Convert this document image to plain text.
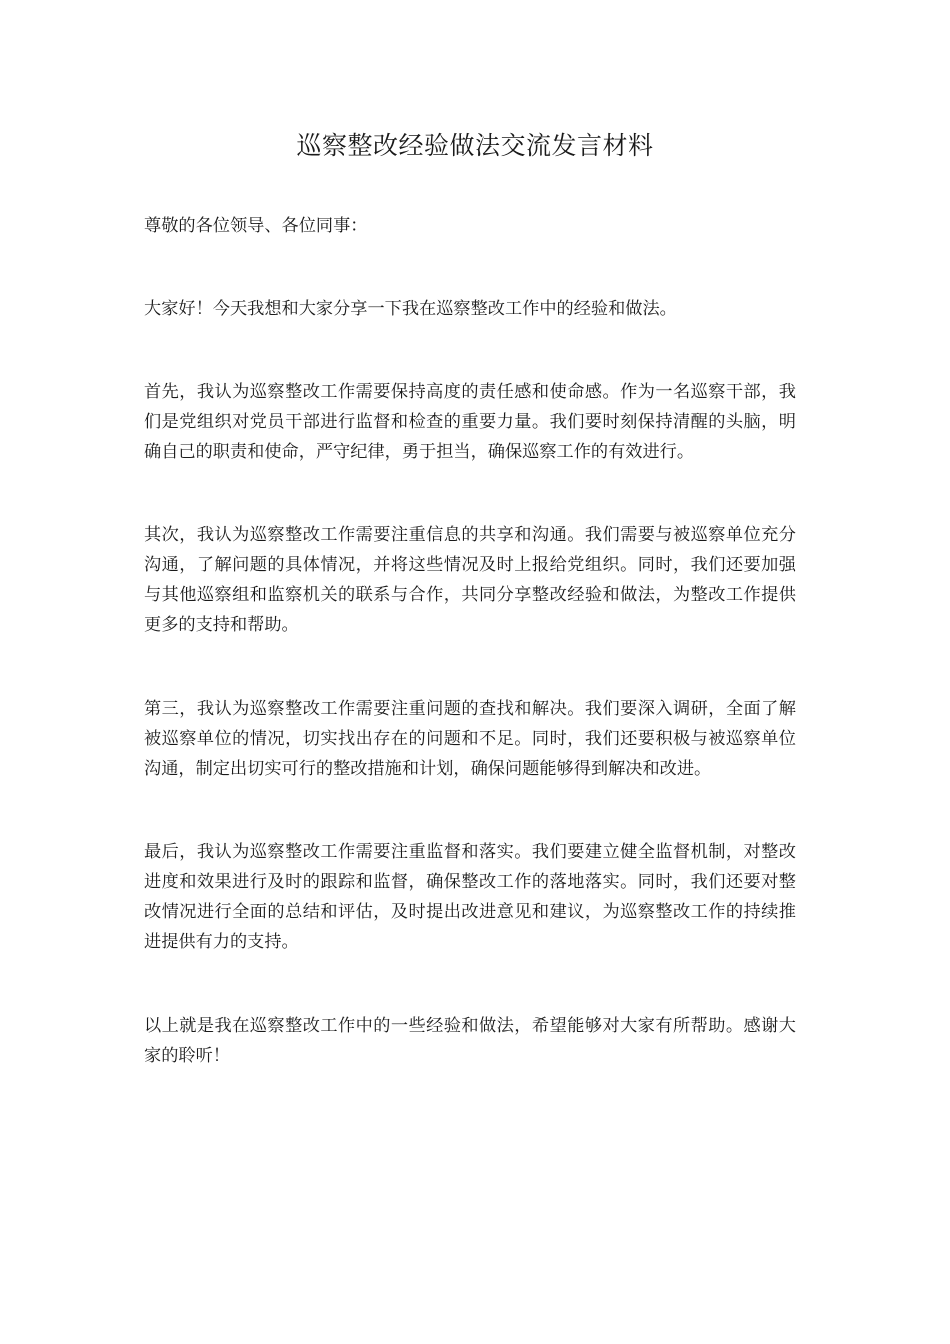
巡察整改经验做法交流发言材料
尊敬的各位领导、各位同事：
大家好！今天我想和大家分享一下我在巡察整改工作中的经验和做法。
首先，我认为巡察整改工作需要保持高度的责任感和使命感。作为一名巡察干部，我们是党组织对党员干部进行监督和检查的重要力量。我们要时刻保持清醒的头脑，明确自己的职责和使命，严守纪律，勇于担当，确保巡察工作的有效进行。
其次，我认为巡察整改工作需要注重信息的共享和沟通。我们需要与被巡察单位充分沟通，了解问题的具体情况，并将这些情况及时上报给党组织。同时，我们还要加强与其他巡察组和监察机关的联系与合作，共同分享整改经验和做法，为整改工作提供更多的支持和帮助。
第三，我认为巡察整改工作需要注重问题的查找和解决。我们要深入调研，全面了解被巡察单位的情况，切实找出存在的问题和不足。同时，我们还要积极与被巡察单位沟通，制定出切实可行的整改措施和计划，确保问题能够得到解决和改进。
最后，我认为巡察整改工作需要注重监督和落实。我们要建立健全监督机制，对整改进度和效果进行及时的跟踪和监督，确保整改工作的落地落实。同时，我们还要对整改情况进行全面的总结和评估，及时提出改进意见和建议，为巡察整改工作的持续推进提供有力的支持。
以上就是我在巡察整改工作中的一些经验和做法，希望能够对大家有所帮助。感谢大家的聆听！
